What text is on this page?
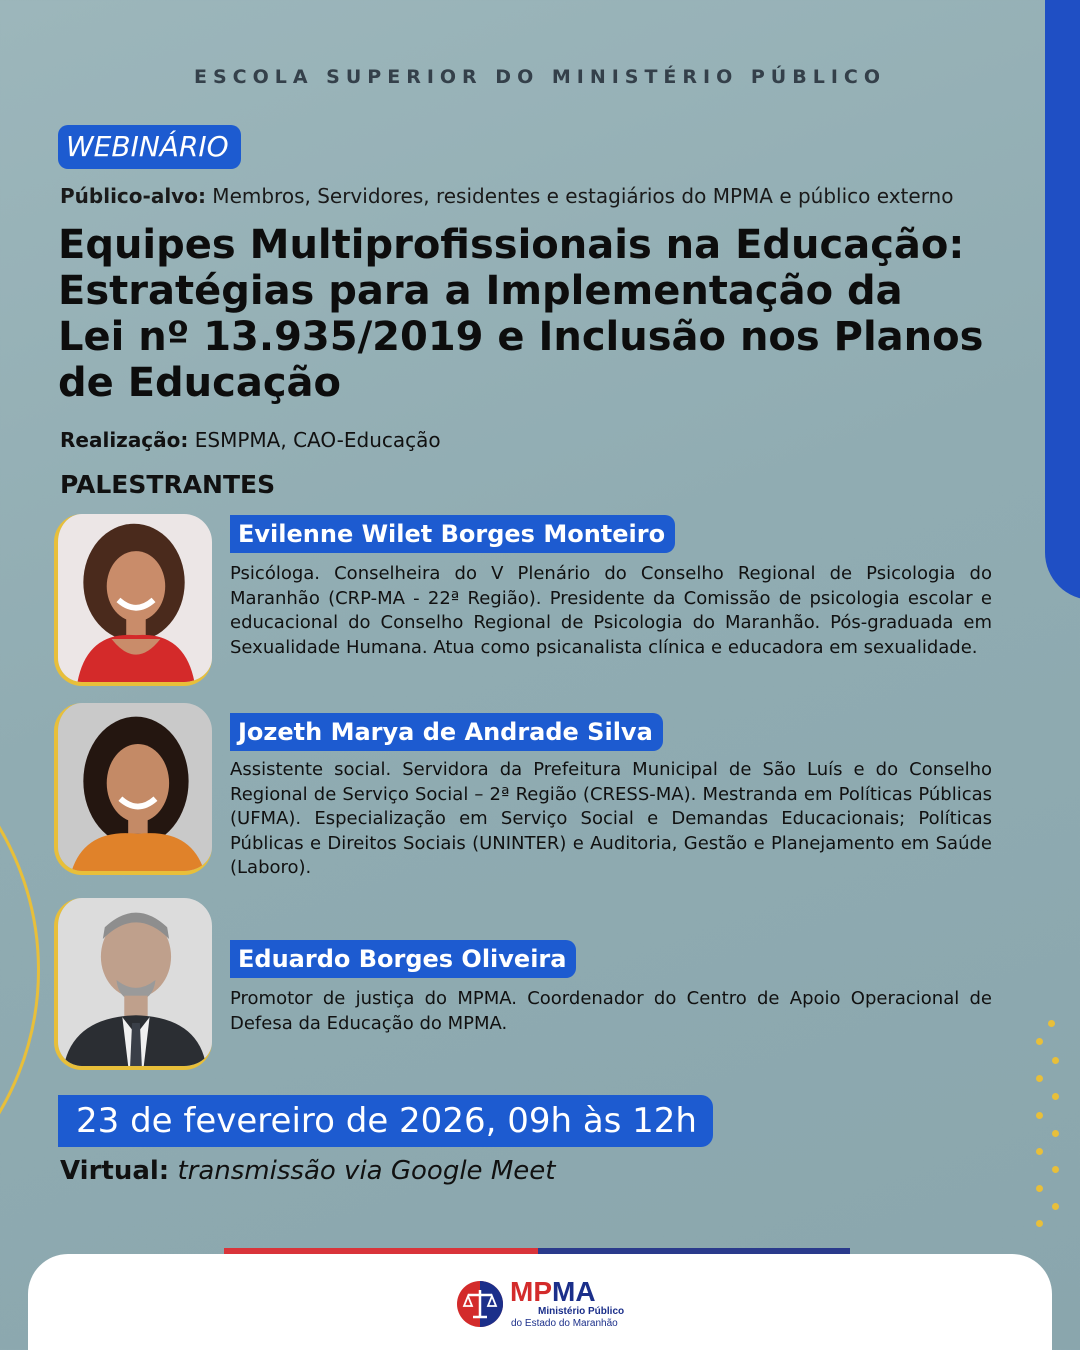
ESCOLA SUPERIOR DO MINISTÉRIO PÚBLICO
WEBINÁRIO
Público-alvo: Membros, Servidores, residentes e estagiários do MPMA e público externo
Equipes Multiprofissionais na Educação:
Estratégias para a Implementação da
Lei nº 13.935/2019 e Inclusão nos Planos
de Educação
Realização: ESMPMA, CAO-Educação
PALESTRANTES
Evilenne Wilet Borges Monteiro
Psicóloga. Conselheira do V Plenário do Conselho Regional de Psicologia do Maranhão (CRP-MA - 22ª Região). Presidente da Comissão de psicologia escolar e educacional do Conselho Regional de Psicologia do Maranhão. Pós-graduada em Sexualidade Humana. Atua como psicanalista clínica e educadora em sexualidade.
Jozeth Marya de Andrade Silva
Assistente social. Servidora da Prefeitura Municipal de São Luís e do Conselho Regional de Serviço Social – 2ª Região (CRESS-MA). Mestranda em Políticas Públicas (UFMA). Especialização em Serviço Social e Demandas Educacionais; Políticas Públicas e Direitos Sociais (UNINTER) e Auditoria, Gestão e Planejamento em Saúde (Laboro).
Eduardo Borges Oliveira
Promotor de justiça do MPMA. Coordenador do Centro de Apoio Operacional de Defesa da Educação do MPMA.
23 de fevereiro de 2026, 09h às 12h
Virtual: transmissão via Google Meet
MPMA
Ministério Público
do Estado do Maranhão
